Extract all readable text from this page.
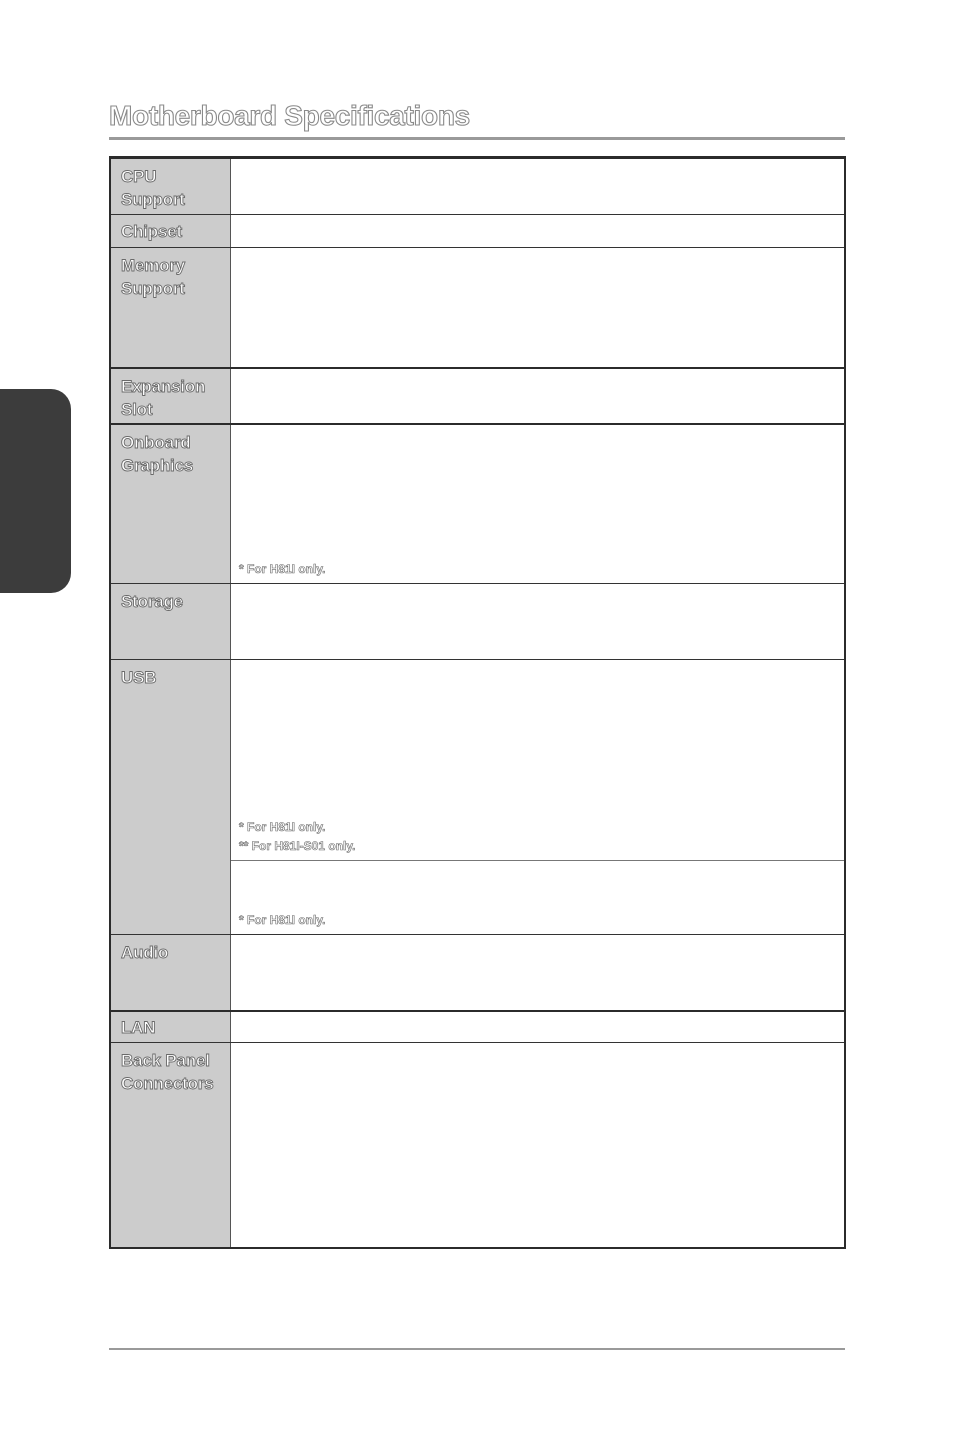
Motherboard Specifications
CPU
Support	

Chipset	

Memory
Support	

Expansion
Slot	

Onboard
Graphics	* For H81I only.

Storage	

USB	* For H81I only.
** For H81I-S01 only.

	* For H81I only.

Audio	

LAN	

Back Panel
Connectors	
